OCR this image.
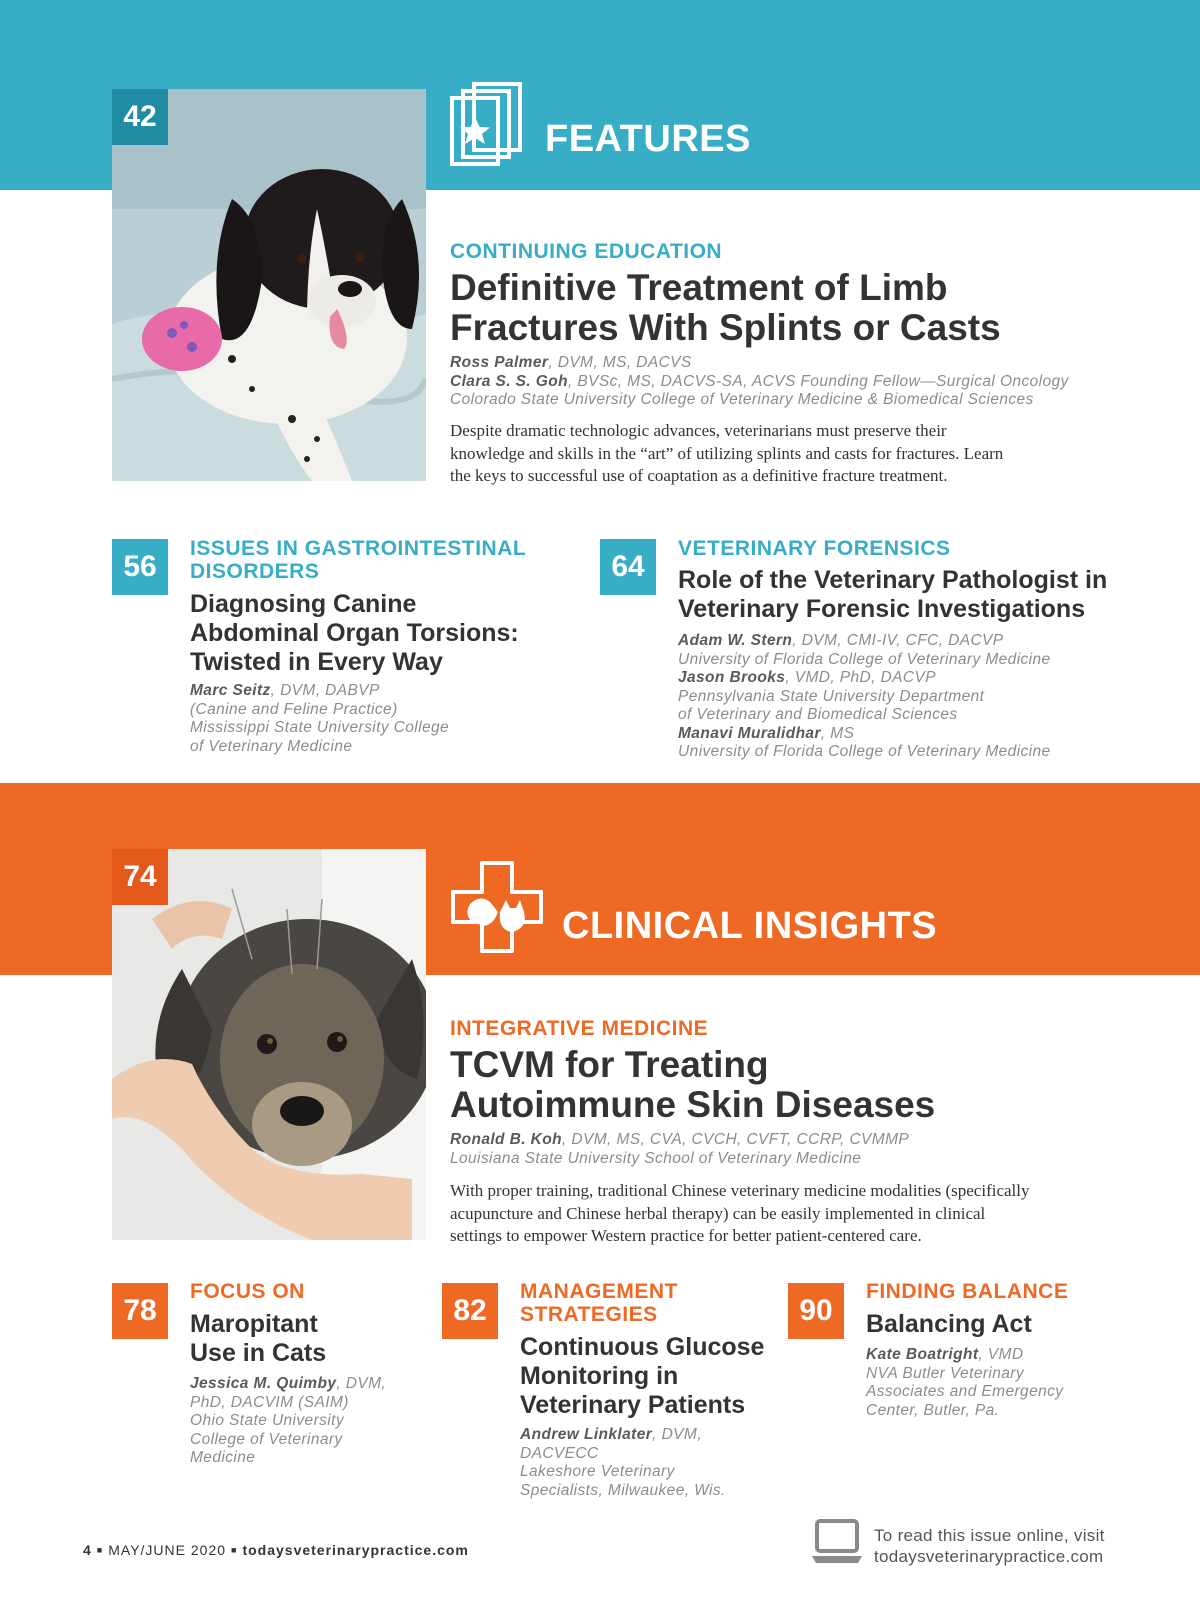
42
FEATURES
CONTINUING EDUCATION
Definitive Treatment of Limb
Fractures With Splints or Casts
Ross Palmer, DVM, MS, DACVS
Clara S. S. Goh, BVSc, MS, DACVS-SA, ACVS Founding Fellow—Surgical Oncology
Colorado State University College of Veterinary Medicine & Biomedical Sciences
Despite dramatic technologic advances, veterinarians must preserve their
knowledge and skills in the “art” of utilizing splints and casts for fractures. Learn
the keys to successful use of coaptation as a definitive fracture treatment.
56
ISSUES IN GASTROINTESTINAL
DISORDERS
Diagnosing Canine
Abdominal Organ Torsions:
Twisted in Every Way
Marc Seitz, DVM, DABVP
(Canine and Feline Practice)
Mississippi State University College
of Veterinary Medicine
64
VETERINARY FORENSICS
Role of the Veterinary Pathologist in
Veterinary Forensic Investigations
Adam W. Stern, DVM, CMI-IV, CFC, DACVP
University of Florida College of Veterinary Medicine
Jason Brooks, VMD, PhD, DACVP
Pennsylvania State University Department
of Veterinary and Biomedical Sciences
Manavi Muralidhar, MS
University of Florida College of Veterinary Medicine
74
CLINICAL INSIGHTS
INTEGRATIVE MEDICINE
TCVM for Treating
Autoimmune Skin Diseases
Ronald B. Koh, DVM, MS, CVA, CVCH, CVFT, CCRP, CVMMP
Louisiana State University School of Veterinary Medicine
With proper training, traditional Chinese veterinary medicine modalities (specifically
acupuncture and Chinese herbal therapy) can be easily implemented in clinical
settings to empower Western practice for better patient-centered care.
78
FOCUS ON
Maropitant
Use in Cats
Jessica M. Quimby, DVM,
PhD, DACVIM (SAIM)
Ohio State University
College of Veterinary
Medicine
82
MANAGEMENT
STRATEGIES
Continuous Glucose
Monitoring in
Veterinary Patients
Andrew Linklater, DVM,
DACVECC
Lakeshore Veterinary
Specialists, Milwaukee, Wis.
90
FINDING BALANCE
Balancing Act
Kate Boatright, VMD
NVA Butler Veterinary
Associates and Emergency
Center, Butler, Pa.
4 ■ MAY/JUNE 2020 ■ todaysveterinarypractice.com
To read this issue online, visit
todaysveterinarypractice.com
